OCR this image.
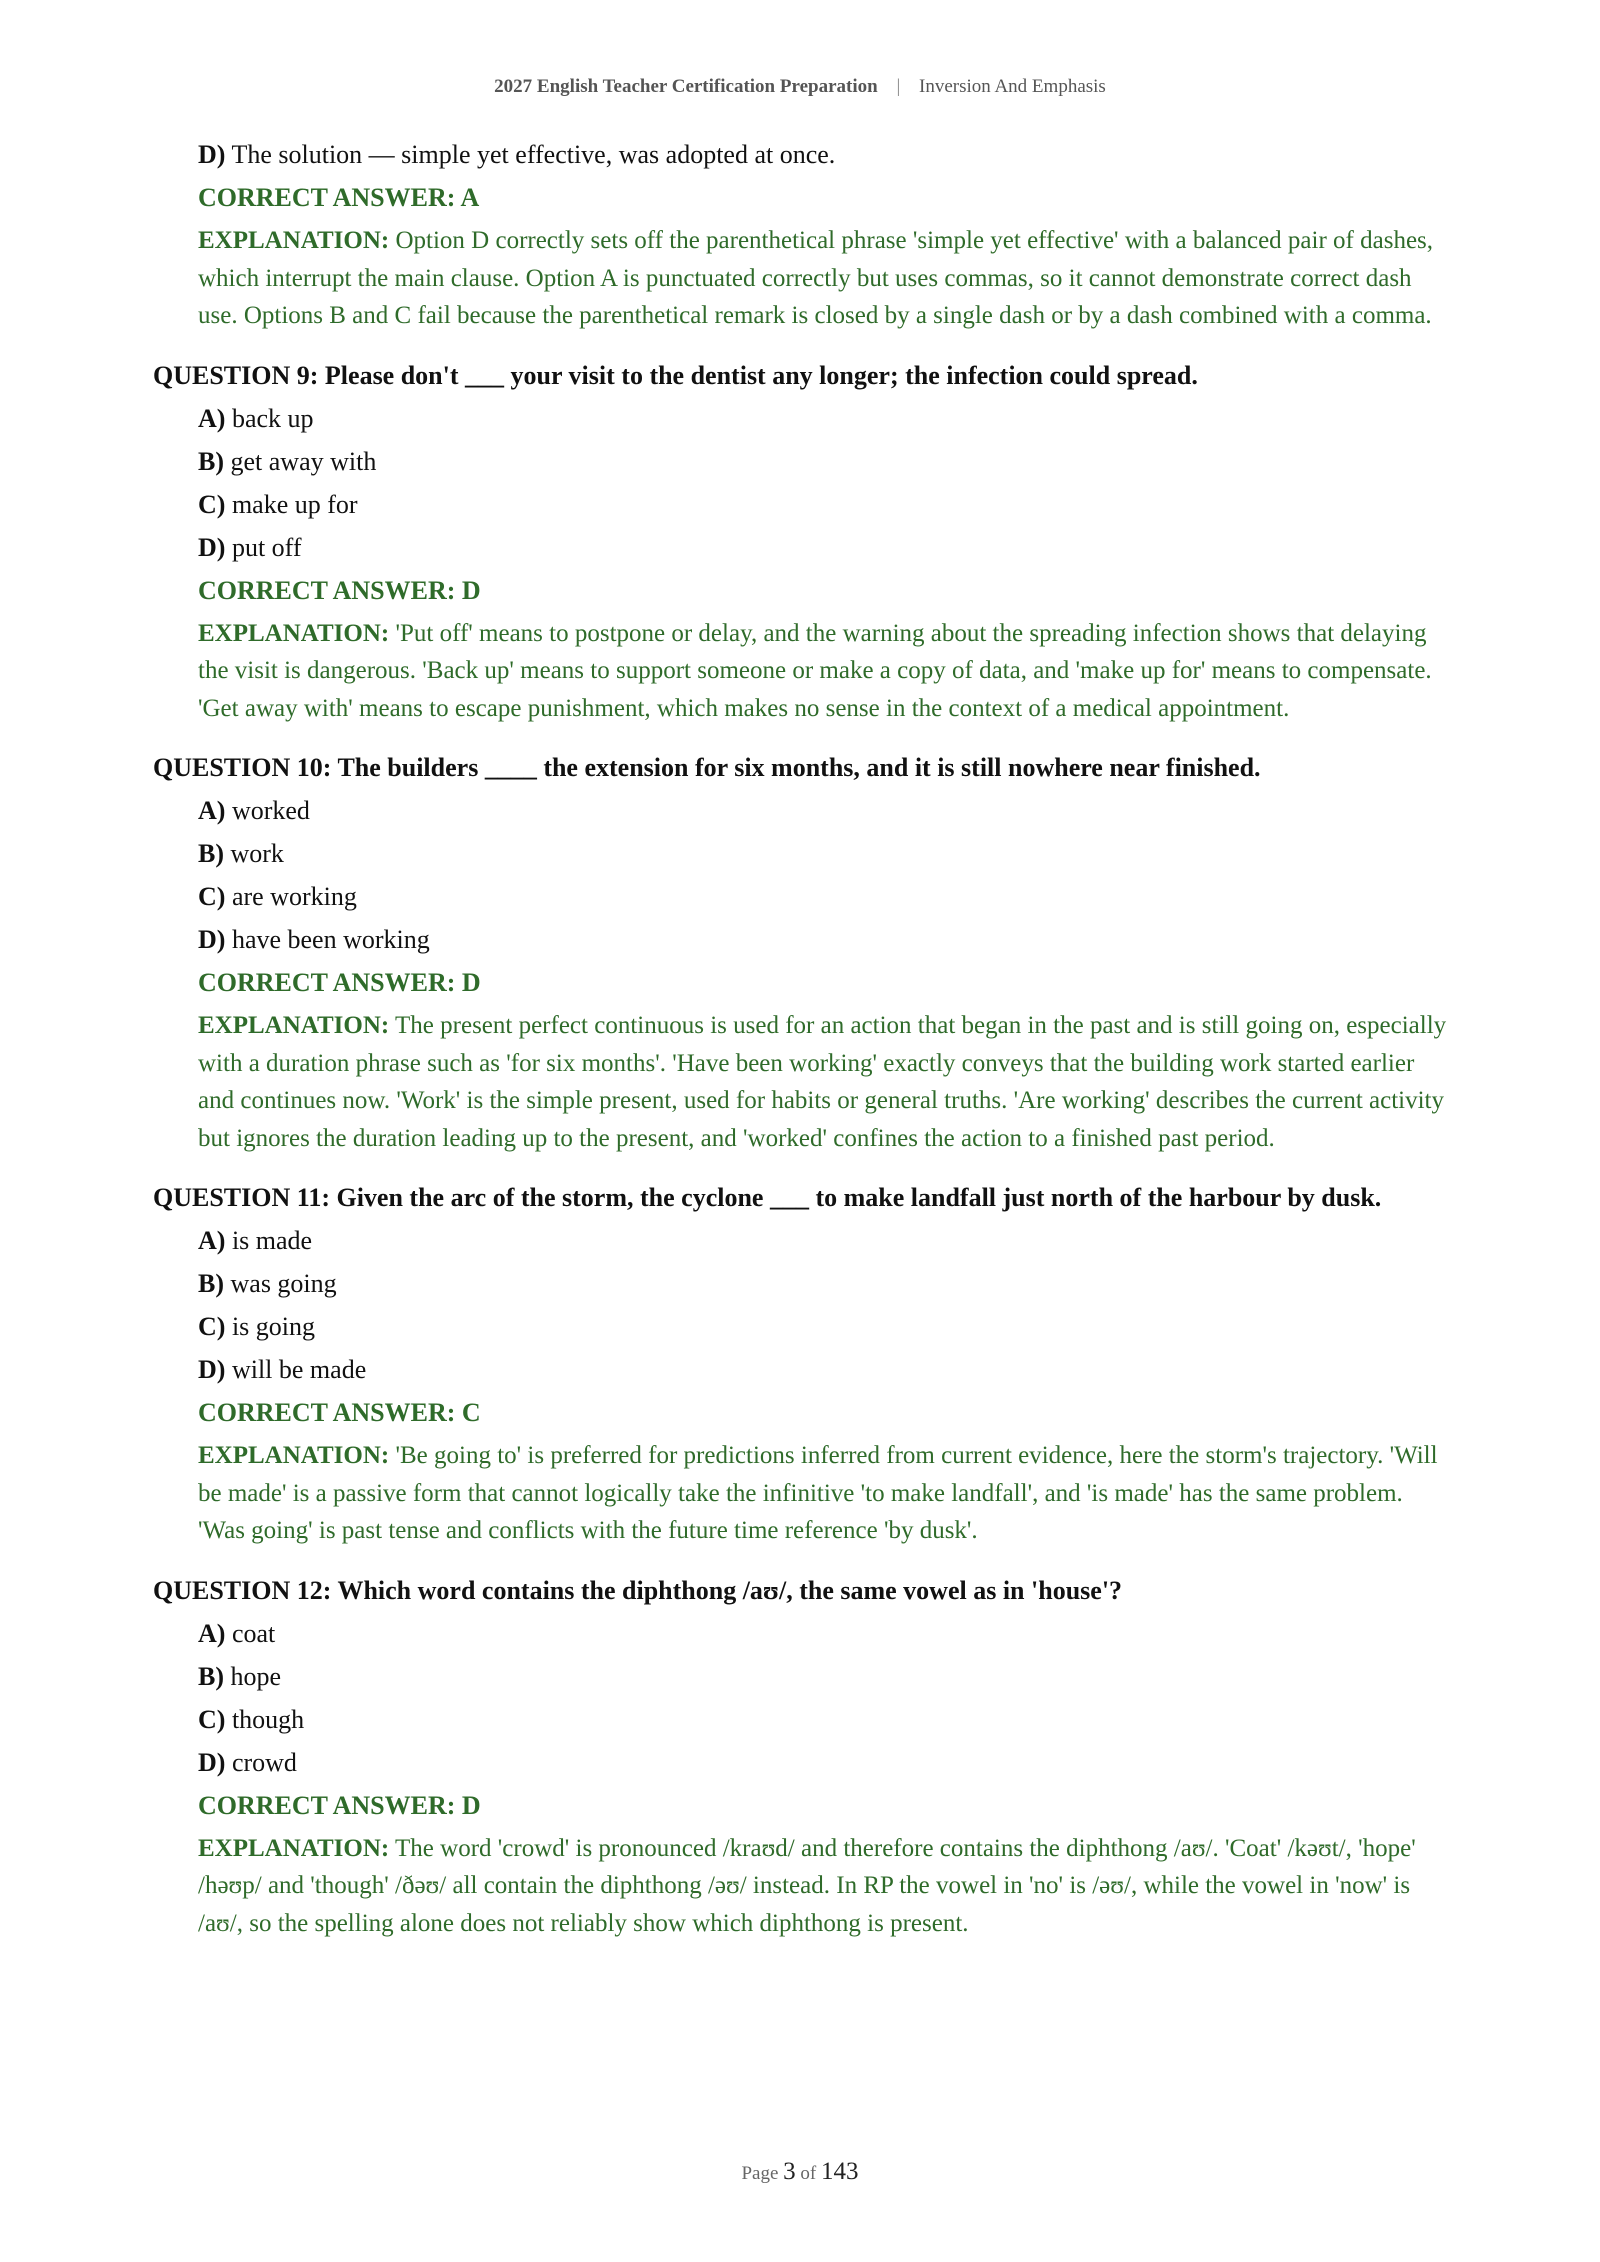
2027 English Teacher Certification Preparation | Inversion And Emphasis
D) The solution — simple yet effective, was adopted at once.
CORRECT ANSWER: A
EXPLANATION: Option D correctly sets off the parenthetical phrase 'simple yet effective' with a balanced pair of dashes, which interrupt the main clause. Option A is punctuated correctly but uses commas, so it cannot demonstrate correct dash use. Options B and C fail because the parenthetical remark is closed by a single dash or by a dash combined with a comma.
QUESTION 9: Please don't ___ your visit to the dentist any longer; the infection could spread.
A) back up
B) get away with
C) make up for
D) put off
CORRECT ANSWER: D
EXPLANATION: 'Put off' means to postpone or delay, and the warning about the spreading infection shows that delaying the visit is dangerous. 'Back up' means to support someone or make a copy of data, and 'make up for' means to compensate. 'Get away with' means to escape punishment, which makes no sense in the context of a medical appointment.
QUESTION 10: The builders ____ the extension for six months, and it is still nowhere near finished.
A) worked
B) work
C) are working
D) have been working
CORRECT ANSWER: D
EXPLANATION: The present perfect continuous is used for an action that began in the past and is still going on, especially with a duration phrase such as 'for six months'. 'Have been working' exactly conveys that the building work started earlier and continues now. 'Work' is the simple present, used for habits or general truths. 'Are working' describes the current activity but ignores the duration leading up to the present, and 'worked' confines the action to a finished past period.
QUESTION 11: Given the arc of the storm, the cyclone ___ to make landfall just north of the harbour by dusk.
A) is made
B) was going
C) is going
D) will be made
CORRECT ANSWER: C
EXPLANATION: 'Be going to' is preferred for predictions inferred from current evidence, here the storm's trajectory. 'Will be made' is a passive form that cannot logically take the infinitive 'to make landfall', and 'is made' has the same problem. 'Was going' is past tense and conflicts with the future time reference 'by dusk'.
QUESTION 12: Which word contains the diphthong /aʊ/, the same vowel as in 'house'?
A) coat
B) hope
C) though
D) crowd
CORRECT ANSWER: D
EXPLANATION: The word 'crowd' is pronounced /kraʊd/ and therefore contains the diphthong /aʊ/. 'Coat' /kəʊt/, 'hope' /həʊp/ and 'though' /ðəʊ/ all contain the diphthong /əʊ/ instead. In RP the vowel in 'no' is /əʊ/, while the vowel in 'now' is /aʊ/, so the spelling alone does not reliably show which diphthong is present.
Page 3 of 143
